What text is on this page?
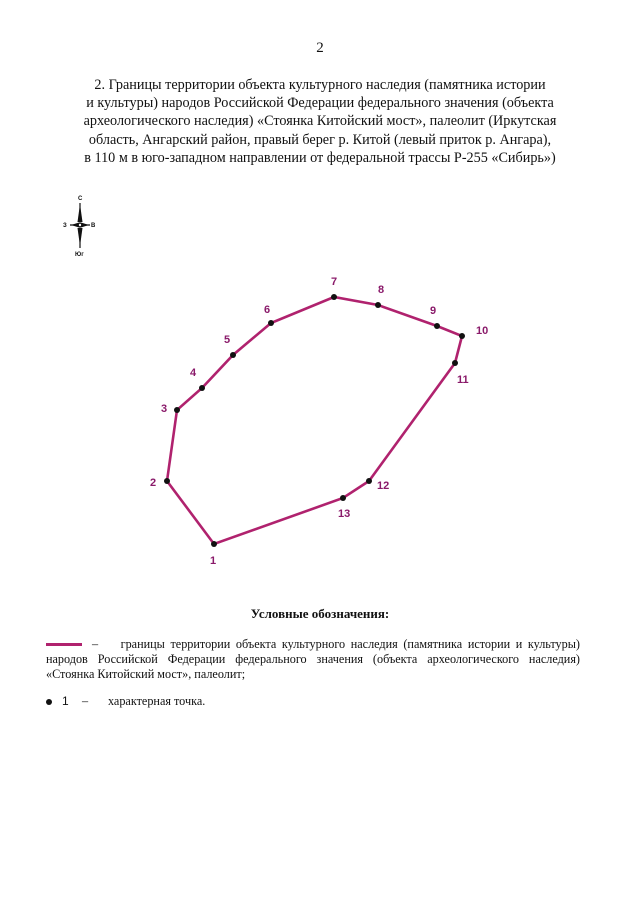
2
2. Границы территории объекта культурного наследия (памятника истории
и культуры) народов Российской Федерации федерального значения (объекта
археологического наследия) «Стоянка Китойский мост», палеолит (Иркутская
область, Ангарский район, правый берег р. Китой (левый приток р. Ангара),
в 110 м в юго-западном направлении от федеральной трассы Р-255 «Сибирь»)
С
З	В
Юг
1
2
3
4
5
6
7
8
9
10
11
12
13
Условные обозначения:
– границы территории объекта культурного наследия (памятника истории и культуры) народов Российской Федерации федерального значения (объекта археологического наследия) «Стоянка Китойский мост», палеолит;
1 – характерная точка.
